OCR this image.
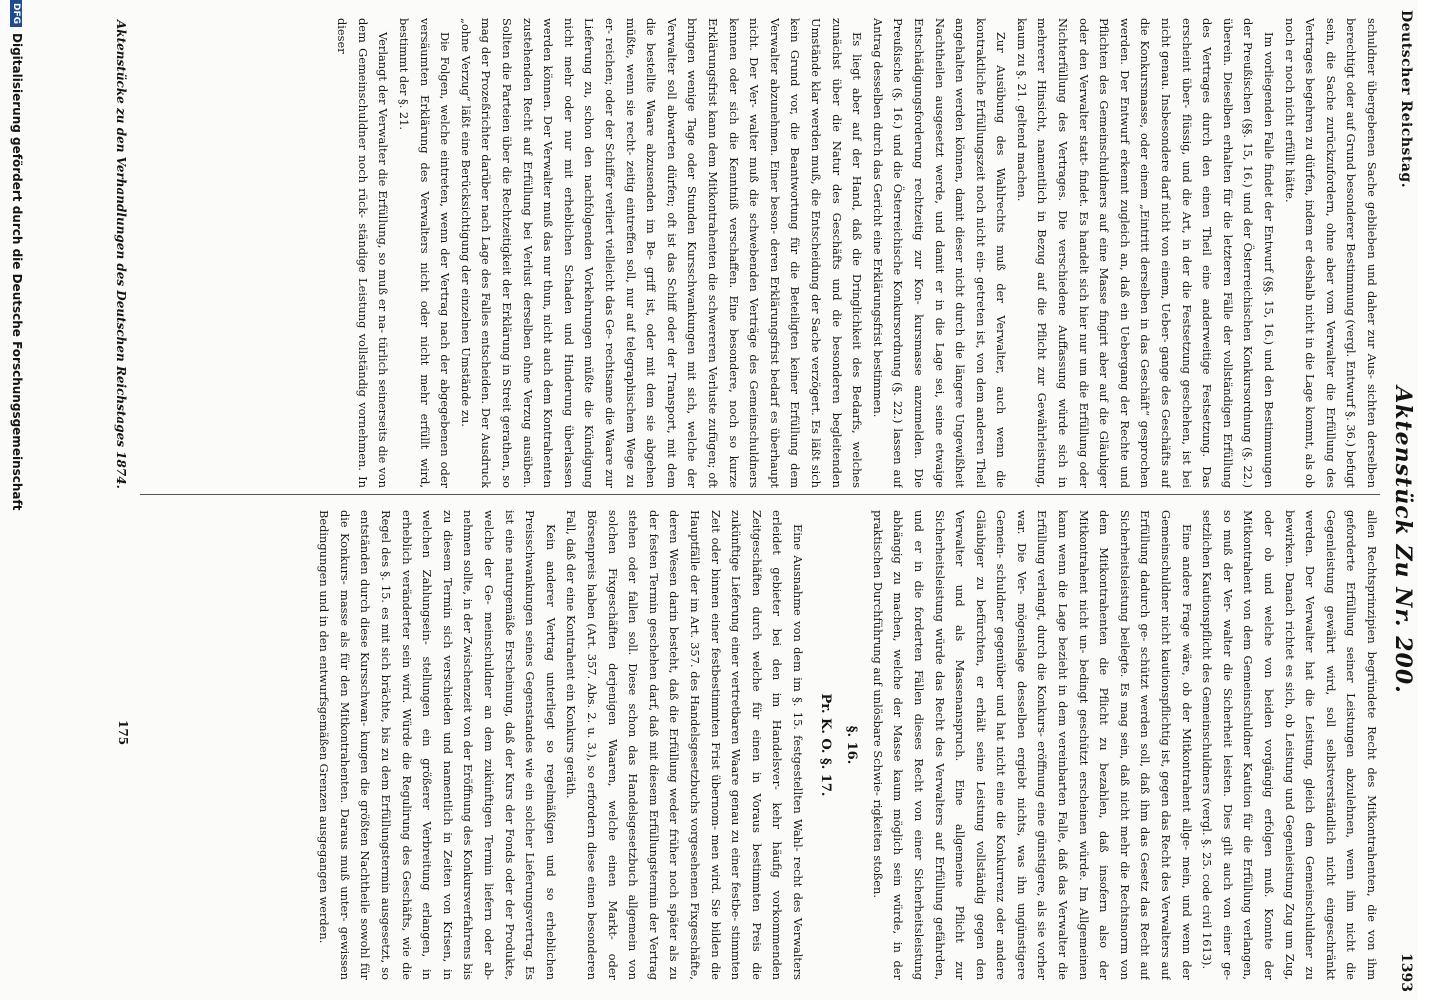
Deutscher Reichstag.
Aktenstück Zu Nr. 200.
1393

schuldner übergebenen Sache geblieben und daher zur Aus- sichten derselben berechtigt oder auf Grund besonderer Bestimmung (vergl. Entwurf §. 36.) befugt sein, die Sache zurückzufordern, ohne aber vom Verwalter die Erfüllung des Vertrages begehren zu dürfen, indem er deshalb nicht in die Lage kommt, als ob noch er noch nicht erfüllt hätte.

Im vorliegenden Falle findet der Entwurf (§§. 15, 16.) und den Bestimmungen der Preußischen (§§. 15, 16.) und der Österreichischen Konkursordnung (§. 22.) überein. Dieselben erhalten für die letzteren Fälle der vollständigen Erfüllung des Vertrages durch den einen Theil eine anderweitige Festsetzung. Das erscheint über- flüssig, und die Art, in der die Festsetzung geschehen, ist bei nicht genau. Insbesondere darf nicht von einem, Ueber- gange des Geschäfts auf die Konkursmasse, oder einem „Eintritt derselben in das Geschäft“ gesprochen werden. Der Entwurf erkennt zugleich an, daß ein Uebergang der Rechte und Pflichten des Gemeinschuldners auf eine Masse fingirt aber auf die Gläubiger oder den Verwalter statt- findet. Es handelt sich hier nur um die Erfüllung oder Nichterfüllung des Vertrages. Die verschiedene Auffassung würde sich in mehrerer Hinsicht, namentlich in Bezug auf die Pflicht zur Gewährleistung, kaum zu §. 21. geltend machen.

Zur Ausübung des Wahlrechts muß der Verwalter, auch wenn die kontraktliche Erfüllungszeit noch nicht ein- getreten ist, von dem anderen Theil angehalten werden können, damit dieser nicht durch die längere Ungewißheit Nachtheilen ausgesetzt werde, und damit er in die Lage sei, seine etwaige Entschädigungsforderung rechtzeitig zur Kon- kursmasse anzumelden. Die Preußische (§. 16.) und die Österreichische Konkursordnung (§. 22.) lassen auf Antrag desselben durch das Gericht eine Erklärungsfrist bestimmen.

Es liegt aber auf der Hand, daß die Dringlichkeit des Bedarfs, welches zunächst über die Natur des Geschäfts und die besonderen begleitenden Umstände klar werden muß, die Entscheidung der Sache verzögert. Es läßt sich kein Grund vor, die Beantwortung für die Beteiligten keiner Erfüllung dem Verwalter abzunehmen. Einer beson- deren Erklärungsfrist bedarf es überhaupt nicht. Der Ver- walter muß die schwebenden Verträge des Gemeinschuldners kennen oder sich die Kenntniß verschaffen. Eine besondere, noch so kurze Erklärungsfrist kann dem Mitkontrahenten die schwereren Verluste zufügen; oft bringen wenige Tage oder Stunden Kursschwankungen mit sich, welche der Verwalter soll abwarten dürfen; oft ist das Schiff oder der Transport, mit dem die bestellte Waare abzusenden im Be- griff ist, oder mit dem sie abgehen müßte, wenn sie recht- zeitig eintreffen soll, nur auf telegraphischem Wege zu er- reichen; oder der Schiffer verliert vielleicht das Ge- rechtsame die Waare zur Lieferung zu, schon den nachfolgenden Vorkehrungen müßte die Kündigung nicht mehr oder nur mit erheblichen Schaden und Hinderung überlassen werden können. Der Verwalter muß das nur thun, nicht auch dem Kontrahenten zustehenden Recht auf Erfüllung bei Verlust derselben ohne Verzug ausüben. Sollten die Parteien über die Rechtzeitigkeit der Erklärung in Streit gerathen, so mag der Prozeßrichter darüber nach Lage des Falles entscheiden. Der Ausdruck „ohne Verzug“ läßt eine Berücksichtigung der einzelnen Umstände zu.

Die Folgen, welche eintreten, wenn der Vertrag nach der abgegebenen oder versäumten Erklärung des Verwalters nicht oder nicht mehr erfüllt wird, bestimmt der §. 21.

Verlangt der Verwalter die Erfüllung, so muß er na- türlich seinerseits die von dem Gemeinschuldner noch rück- ständige Leistung vollständig vornehmen. In dieser

allen Rechtsprinzipien begründete Recht des Mitkontrahenten, die von ihm geforderte Erfüllung seiner Leistungen abzulehnen, wenn ihm nicht die Gegenleistung gewährt wird, soll selbstverständlich nicht eingeschränkt werden. Der Verwalter hat die Leistung, gleich dem Gemeinschuldner zu bewirken. Danach richtet es sich, ob Leistung und Gegenleistung Zug um Zug, oder ob und welche von beiden vorgängig erfolgen muß. Konnte der Mitkontrahent von dem Gemeinschuldner Kaution für die Erfüllung verlangen, so muß der Ver- walter die Sicherheit leisten. Dies gilt auch von einer ge- setzlichen Kautionspflicht des Gemeinschuldners (vergl. §. 25. code civil 1613).

Eine andere Frage wäre, ob der Mitkontrahent allge- mein, und wenn der Gemeinschuldner nicht kautionspflichtig ist, gegen das Recht des Verwalters auf Erfüllung dadurch ge- schützt werden soll, daß ihm das Gesetz das Recht auf Sicherheitsleistung beilegte. Es mag sein, daß nicht mehr die Rechtsnorm von dem Mitkontrahenten die Pflicht zu bezahlen, daß insofern also der Mitkontrahent nicht un- bedingt geschützt erscheinen würde. Im Allgemeinen kann wenn die Lage bezieht in dem vereinbarten Falle, daß das Verwalter die Erfüllung verlangt, durch die Konkurs- eröffnung eine günstigere, als sie vorher war. Die Ver- mögenslage desselben ergiebt nichts, was ihn ungünstigere Gemein- schuldner gegenüber und hat nicht eine die Konkurrenz oder andere Gläubiger zu befürchten, er erhält seine Leistung vollständig gegen den Verwalter und als Massenanspruch. Eine allgemeine Pflicht zur Sicherheitsleistung würde das Recht des Verwalters auf Erfüllung gefährden, und er in die forderten Fällen dieses Recht von einer Sicherheitsleistung abhängig zu machen, welche der Masse kaum möglich sein würde, in der praktischen Durchführung auf unlösbare Schwie- rigkeiten stoßen.

§. 16.

Pr. K. O. §. 17.

Eine Ausnahme von dem im §. 15. festgestellten Wahl- recht des Verwalters erleidet gebieter bei den im Handelsver- kehr häufig vorkommenden Zeitgeschäften durch welche für einen in Voraus bestimmten Preis die zukünftige Lieferung einer vertretbaren Waare genau zu einer festbe- stimmten Zeit oder binnen einer festbestimmten Frist übernom- men wird. Sie bilden die Hauptfälle der im Art. 357. des Handelsgesetzbuchs vorgesehenen Fixgeschäfte, deren Wesen darin besteht, daß die Erfüllung weder früher noch später als zu der festen Termin geschehen darf, daß mit diesem Erfüllungstermin der Vertrag stehen oder fallen soll. Diese schon das Handelsgesetzbuch allgemein von solchen Fixgeschäften derjenigen Waaren, welche einen Markt- oder Börsenpreis haben (Art. 357. Abs. 2. u. 3.), so erfordern diese einen besonderen Fall, daß der eine Kontrahent ein Konkurs geräth.

Kein anderer Vertrag unterliegt so regelmäßigen und so erheblichen Preisschwankungen seines Gegenstandes wie ein solcher Lieferungsvertrag. Es ist eine naturgemäße Erscheinung, daß der Kurs der Fonds oder der Produkte, welche der Ge- meinschuldner an dem zukünftigen Termin liefern oder ab- nehmen sollte, in der Zwischenzeit von der Eröffnung des Konkursverfahrens bis zu diesem Termin sich verschieden und namentlich in Zeiten von Krisen, in welchen Zahlungsein- stellungen ein größerer Verbreitung erlangen, in erheblich veränderter sein wird. Würde die Regulirung des Geschäfts, wie die Regel des §. 15. es mit sich brächte, bis zu dem Erfüllungstermin ausgesetzt, so entständen durch diese Kursschwan- kungen die größten Nachtheile sowohl für die Konkurs- masse als für den Mitkontrahenten. Daraus muß unter- gewissen Bedingungen und in den entwurfsgemäßen Grenzen ausgegangen werden.

Aktenstücke zu den Verhandlungen des Deutschen Reichstages 1874.
175
DFGDigitalisierung gefördert durch die Deutsche Forschungsgemeinschaft
